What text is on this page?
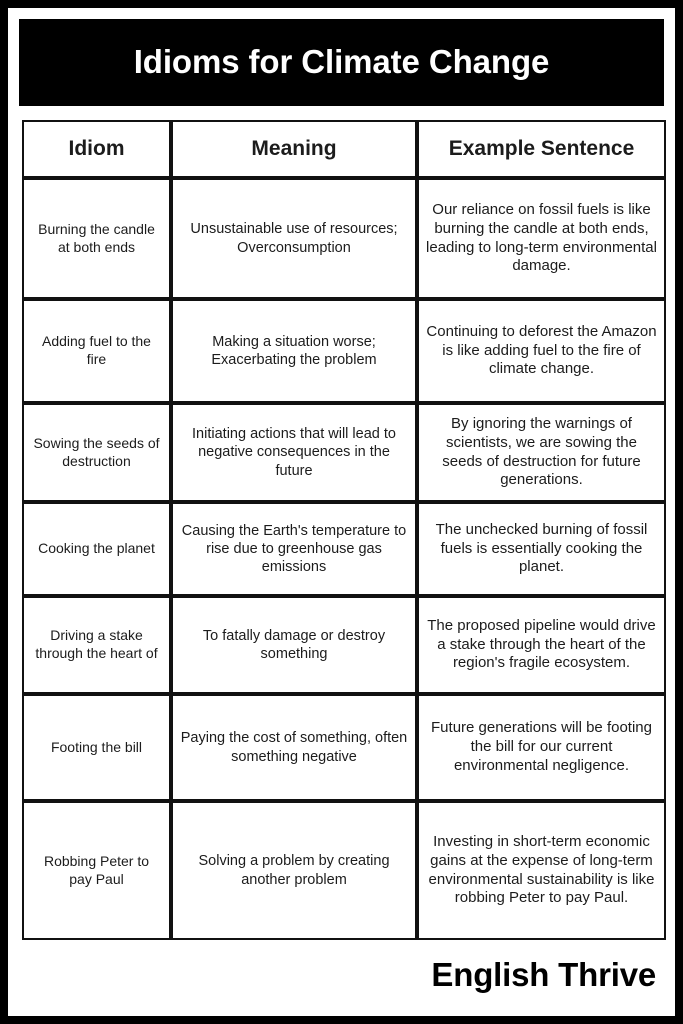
Idioms for Climate Change
Idiom	Meaning	Example Sentence
Burning the candle at both ends	Unsustainable use of resources; Overconsumption	Our reliance on fossil fuels is like burning the candle at both ends, leading to long-term environmental damage.
Adding fuel to the fire	Making a situation worse; Exacerbating the problem	Continuing to deforest the Amazon is like adding fuel to the fire of climate change.
Sowing the seeds of destruction	Initiating actions that will lead to negative consequences in the future	By ignoring the warnings of scientists, we are sowing the seeds of destruction for future generations.
Cooking the planet	Causing the Earth's temperature to rise due to greenhouse gas emissions	The unchecked burning of fossil fuels is essentially cooking the planet.
Driving a stake through the heart of	To fatally damage or destroy something	The proposed pipeline would drive a stake through the heart of the region's fragile ecosystem.
Footing the bill	Paying the cost of something, often something negative	Future generations will be footing the bill for our current environmental negligence.
Robbing Peter to pay Paul	Solving a problem by creating another problem	Investing in short-term economic gains at the expense of long-term environmental sustainability is like robbing Peter to pay Paul.
English Thrive
